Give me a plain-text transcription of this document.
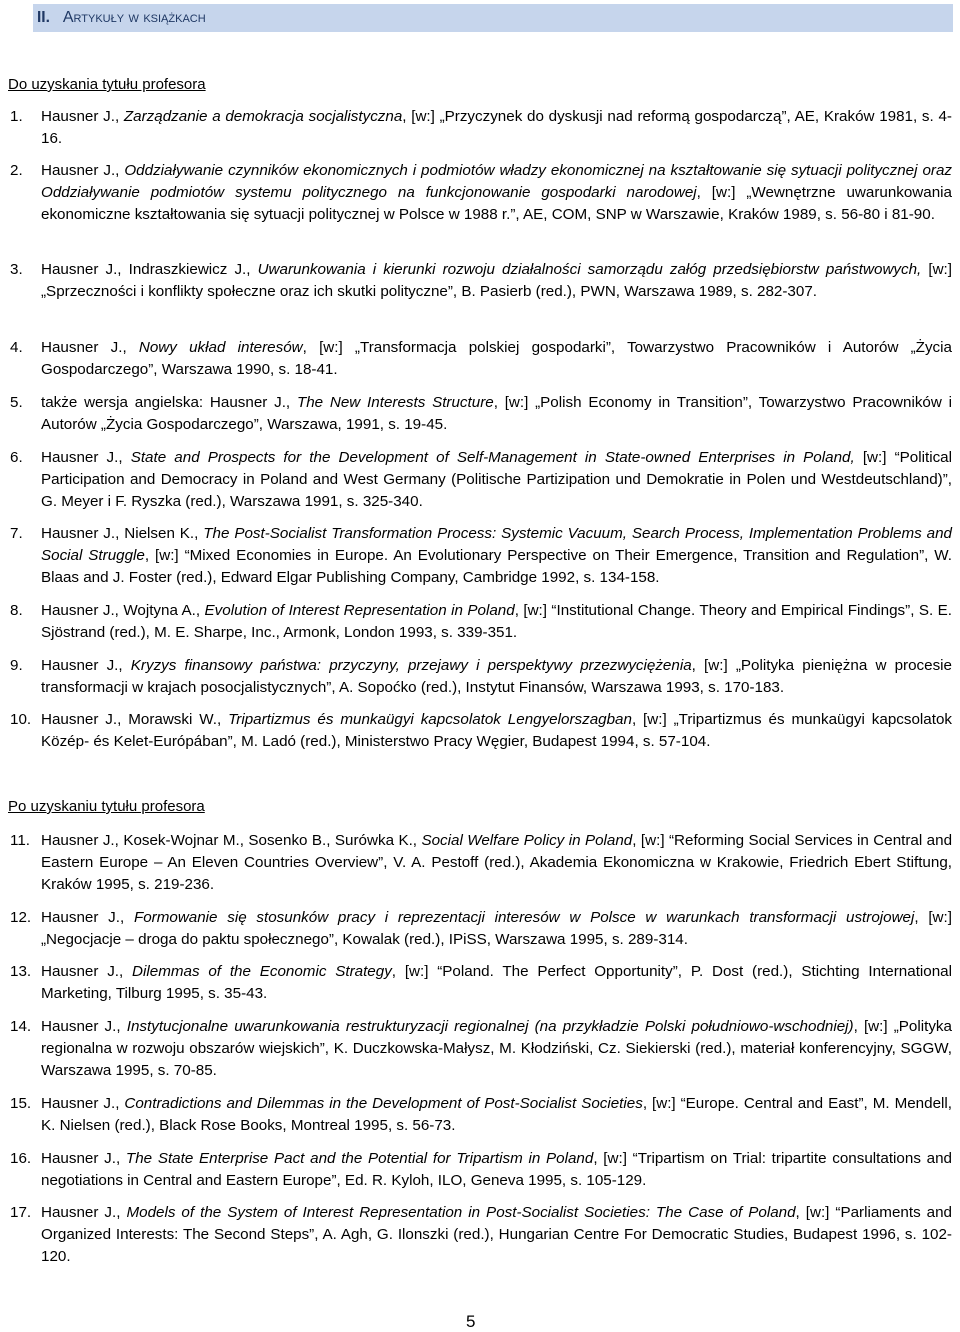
II. Artykuły w książkach
Do uzyskania tytułu profesora
1.	Hausner J., Zarządzanie a demokracja socjalistyczna, [w:] „Przyczynek do dyskusji nad reformą gospodarczą”, AE, Kraków 1981, s. 4-16.
2.	Hausner J., Oddziaływanie czynników ekonomicznych i podmiotów władzy ekonomicznej na kształtowanie się sytuacji politycznej oraz Oddziaływanie podmiotów systemu politycznego na funkcjonowanie gospodarki narodowej, [w:] „Wewnętrzne uwarunkowania ekonomiczne kształtowania się sytuacji politycznej w Polsce w 1988 r.”, AE, COM, SNP w Warszawie, Kraków 1989, s. 56-80 i 81-90.
3.	Hausner J., Indraszkiewicz J., Uwarunkowania i kierunki rozwoju działalności samorządu załóg przedsiębiorstw państwowych, [w:] „Sprzeczności i konflikty społeczne oraz ich skutki polityczne”, B. Pasierb (red.), PWN, Warszawa 1989, s. 282-307.
4.	Hausner J., Nowy układ interesów, [w:] „Transformacja polskiej gospodarki”, Towarzystwo Pracowników i Autorów „Życia Gospodarczego”, Warszawa 1990, s. 18-41.
5.	także wersja angielska: Hausner J., The New Interests Structure, [w:] „Polish Economy in Transition”, Towarzystwo Pracowników i Autorów „Życia Gospodarczego”, Warszawa, 1991, s. 19-45.
6.	Hausner J., State and Prospects for the Development of Self-Management in State-owned Enterprises in Poland, [w:] “Political Participation and Democracy in Poland and West Germany (Politische Partizipation und Demokratie in Polen und Westdeutschland)”, G. Meyer i F. Ryszka (red.), Warszawa 1991, s. 325-340.
7.	Hausner J., Nielsen K., The Post-Socialist Transformation Process: Systemic Vacuum, Search Process, Implementation Problems and Social Struggle, [w:] “Mixed Economies in Europe. An Evolutionary Perspective on Their Emergence, Transition and Regulation”, W. Blaas and J. Foster (red.), Edward Elgar Publishing Company, Cambridge 1992, s. 134-158.
8.	Hausner J., Wojtyna A., Evolution of Interest Representation in Poland, [w:] “Institutional Change. Theory and Empirical Findings”, S. E. Sjöstrand (red.), M. E. Sharpe, Inc., Armonk, London 1993, s. 339-351.
9.	Hausner J., Kryzys finansowy państwa: przyczyny, przejawy i perspektywy przezwyciężenia, [w:] „Polityka pieniężna w procesie transformacji w krajach posocjalistycznych”, A. Sopoćko (red.), Instytut Finansów, Warszawa 1993, s. 170-183.
10. Hausner J., Morawski W., Tripartizmus és munkaügyi kapcsolatok Lengyelorszagban, [w:] „Tripartizmus és munkaügyi kapcsolatok Közép- és Kelet-Európában”, M. Ladó (red.), Ministerstwo Pracy Węgier, Budapest 1994, s. 57-104.
Po uzyskaniu tytułu profesora
11. Hausner J., Kosek-Wojnar M., Sosenko B., Surówka K., Social Welfare Policy in Poland, [w:] “Reforming Social Services in Central and Eastern Europe – An Eleven Countries Overview”, V. A. Pestoff (red.), Akademia Ekonomiczna w Krakowie, Friedrich Ebert Stiftung, Kraków 1995, s. 219-236.
12. Hausner J., Formowanie się stosunków pracy i reprezentacji interesów w Polsce w warunkach transformacji ustrojowej, [w:] „Negocjacje – droga do paktu społecznego”, Kowalak (red.), IPiSS, Warszawa 1995, s. 289-314.
13. Hausner J., Dilemmas of the Economic Strategy, [w:] “Poland. The Perfect Opportunity”, P. Dost (red.), Stichting International Marketing, Tilburg 1995, s. 35-43.
14. Hausner J., Instytucjonalne uwarunkowania restrukturyzacji regionalnej (na przykładzie Polski południowo-wschodniej), [w:] „Polityka regionalna w rozwoju obszarów wiejskich”, K. Duczkowska-Małysz, M. Kłodziński, Cz. Siekierski (red.), materiał konferencyjny, SGGW, Warszawa 1995, s. 70-85.
15. Hausner J., Contradictions and Dilemmas in the Development of Post-Socialist Societies, [w:] “Europe. Central and East”, M. Mendell, K. Nielsen (red.), Black Rose Books, Montreal 1995, s. 56-73.
16. Hausner J., The State Enterprise Pact and the Potential for Tripartism in Poland, [w:] “Tripartism on Trial: tripartite consultations and negotiations in Central and Eastern Europe”, Ed. R. Kyloh, ILO, Geneva 1995, s. 105-129.
17. Hausner J., Models of the System of Interest Representation in Post-Socialist Societies: The Case of Poland, [w:] “Parliaments and Organized Interests: The Second Steps”, A. Agh, G. Ilonszki (red.), Hungarian Centre For Democratic Studies, Budapest 1996, s. 102-120.
5
